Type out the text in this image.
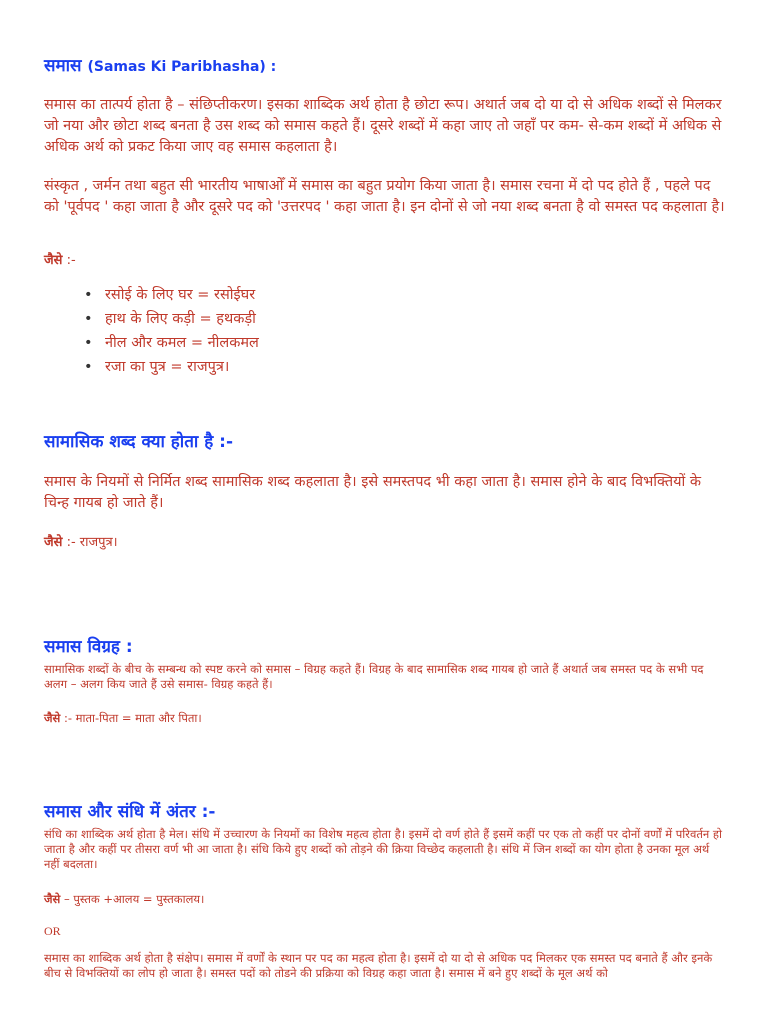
समास (Samas Ki Paribhasha) :

समास का तात्पर्य होता है – संछिप्तीकरण। इसका शाब्दिक अर्थ होता है छोटा रूप। अथार्त जब दो या दो से अधिक शब्दों से मिलकर जो नया और छोटा शब्द बनता है उस शब्द को समास कहते हैं। दूसरे शब्दों में कहा जाए तो जहाँ पर कम- से-कम शब्दों में अधिक से अधिक अर्थ को प्रकट किया जाए वह समास कहलाता है।

संस्कृत , जर्मन तथा बहुत सी भारतीय भाषाओँ में समास का बहुत प्रयोग किया जाता है। समास रचना में दो पद होते हैं , पहले पद को 'पूर्वपद ' कहा जाता है और दूसरे पद को 'उत्तरपद ' कहा जाता है। इन दोनों से जो नया शब्द बनता है वो समस्त पद कहलाता है।

जैसे :-

• रसोई के लिए घर = रसोईघर
• हाथ के लिए कड़ी = हथकड़ी
• नील और कमल = नीलकमल
• रजा का पुत्र = राजपुत्र।
सामासिक शब्द क्या होता है :-

समास के नियमों से निर्मित शब्द सामासिक शब्द कहलाता है। इसे समस्तपद भी कहा जाता है। समास होने के बाद विभक्तियों के चिन्ह गायब हो जाते हैं।

जैसे :- राजपुत्र।

समास विग्रह :

सामासिक शब्दों के बीच के सम्बन्ध को स्पष्ट करने को समास – विग्रह कहते हैं। विग्रह के बाद सामासिक शब्द गायब हो जाते हैं अथार्त जब समस्त पद के सभी पद अलग – अलग किय जाते हैं उसे समास- विग्रह कहते हैं।

जैसे :- माता-पिता = माता और पिता।

समास और संधि में अंतर :-

संधि का शाब्दिक अर्थ होता है मेल। संधि में उच्चारण के नियमों का विशेष महत्व होता है। इसमें दो वर्ण होते हैं इसमें कहीं पर एक तो कहीं पर दोनों वर्णों में परिवर्तन हो जाता है और कहीं पर तीसरा वर्ण भी आ जाता है। संधि किये हुए शब्दों को तोड़ने की क्रिया विच्छेद कहलाती है। संधि में जिन शब्दों का योग होता है उनका मूल अर्थ नहीं बदलता।

जैसे – पुस्तक +आलय = पुस्तकालय।

OR

समास का शाब्दिक अर्थ होता है संक्षेप। समास में वर्णों के स्थान पर पद का महत्व होता है। इसमें दो या दो से अधिक पद मिलकर एक समस्त पद बनाते हैं और इनके बीच से विभक्तियों का लोप हो जाता है। समस्त पदों को तोडने की प्रक्रिया को विग्रह कहा जाता है। समास में बने हुए शब्दों के मूल अर्थ को
